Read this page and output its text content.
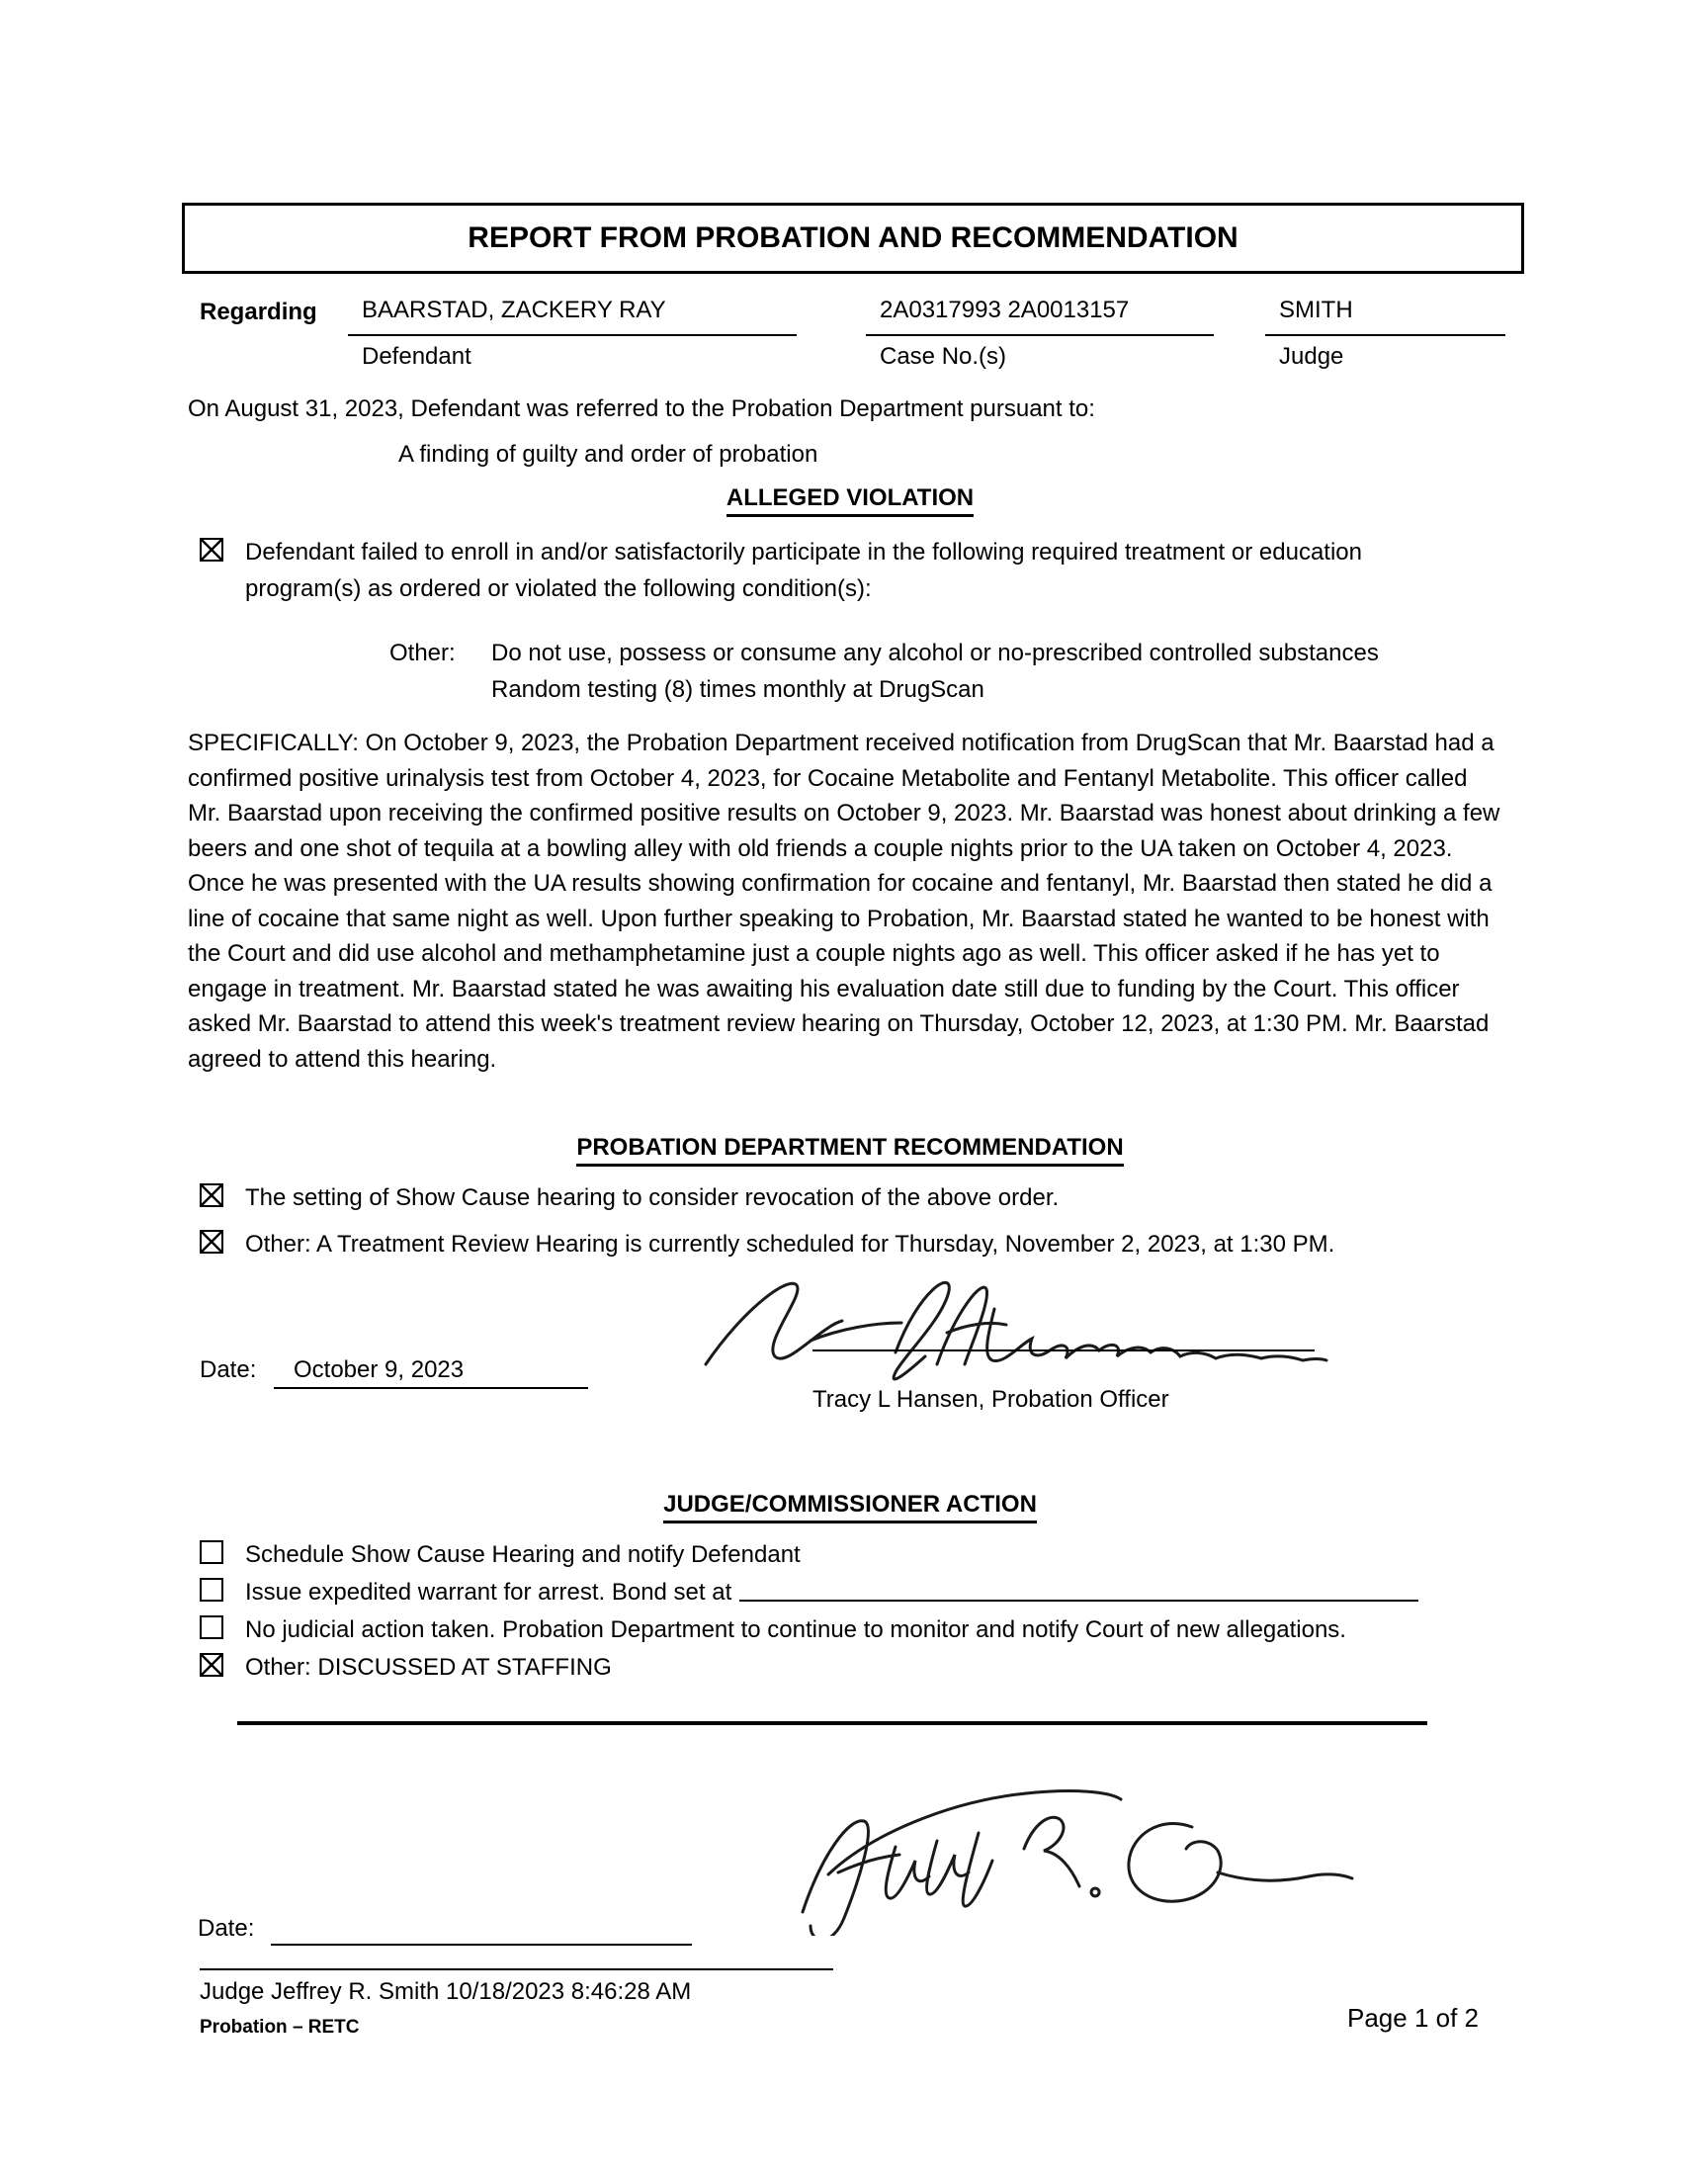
REPORT FROM PROBATION AND RECOMMENDATION
Regarding	BAARSTAD, ZACKERY RAY
Defendant
2A0317993 2A0013157
Case No.(s)
SMITH
Judge
On August 31, 2023, Defendant was referred to the Probation Department pursuant to:
A finding of guilty and order of probation
ALLEGED VIOLATION
Defendant failed to enroll in and/or satisfactorily participate in the following required treatment or education program(s) as ordered or violated the following condition(s):
Other:	Do not use, possess or consume any alcohol or no-prescribed controlled substances
Random testing (8) times monthly at DrugScan
SPECIFICALLY: On October 9, 2023, the Probation Department received notification from DrugScan that Mr. Baarstad had a confirmed positive urinalysis test from October 4, 2023, for Cocaine Metabolite and Fentanyl Metabolite. This officer called Mr. Baarstad upon receiving the confirmed positive results on October 9, 2023. Mr. Baarstad was honest about drinking a few beers and one shot of tequila at a bowling alley with old friends a couple nights prior to the UA taken on October 4, 2023. Once he was presented with the UA results showing confirmation for cocaine and fentanyl, Mr. Baarstad then stated he did a line of cocaine that same night as well. Upon further speaking to Probation, Mr. Baarstad stated he wanted to be honest with the Court and did use alcohol and methamphetamine just a couple nights ago as well. This officer asked if he has yet to engage in treatment. Mr. Baarstad stated he was awaiting his evaluation date still due to funding by the Court. This officer asked Mr. Baarstad to attend this week's treatment review hearing on Thursday, October 12, 2023, at 1:30 PM. Mr. Baarstad agreed to attend this hearing.
PROBATION DEPARTMENT RECOMMENDATION
The setting of Show Cause hearing to consider revocation of the above order.
Other: A Treatment Review Hearing is currently scheduled for Thursday, November 2, 2023, at 1:30 PM.
Tracy L Hansen, Probation Officer
Date: October 9, 2023
JUDGE/COMMISSIONER ACTION
Schedule Show Cause Hearing and notify Defendant
Issue expedited warrant for arrest. Bond set at
No judicial action taken. Probation Department to continue to monitor and notify Court of new allegations.
Other: DISCUSSED AT STAFFING
Date:
Judge Jeffrey R. Smith 10/18/2023 8:46:28 AM
Probation – RETC	Page 1 of 2
